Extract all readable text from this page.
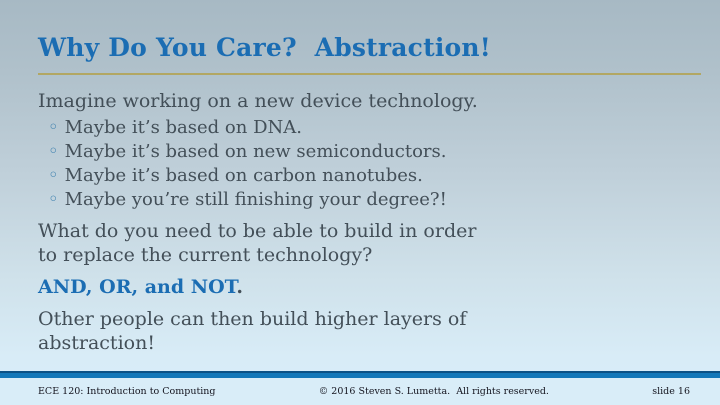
Why Do You Care?  Abstraction!

Imagine working on a new device technology.

◦ Maybe it’s based on DNA.
◦ Maybe it’s based on new semiconductors.
◦ Maybe it’s based on carbon nanotubes.
◦ Maybe you’re still finishing your degree?!

What do you need to be able to build in order to replace the current technology?

AND, OR, and NOT.

Other people can then build higher layers of abstraction!

ECE 120: Introduction to Computing	© 2016 Steven S. Lumetta.  All rights reserved.	slide 16
